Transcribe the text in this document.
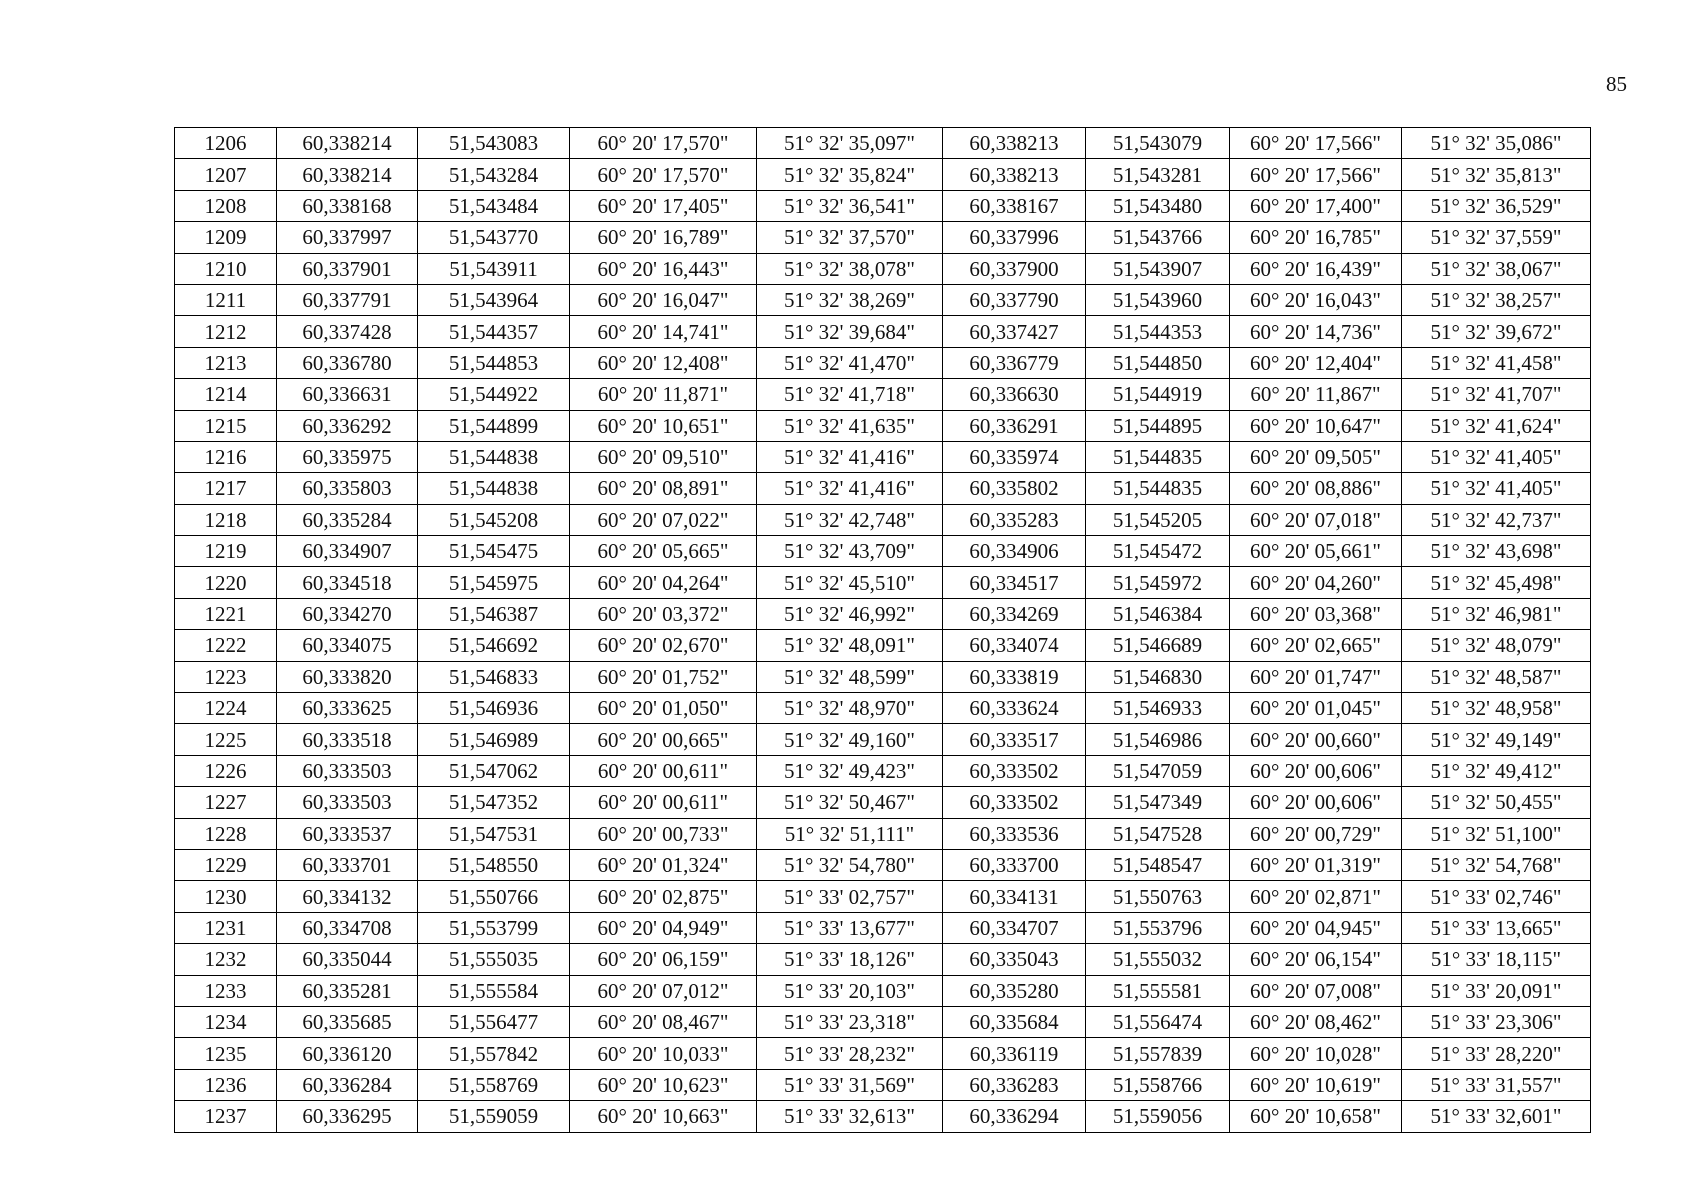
85
1206	60,338214	51,543083	60° 20' 17,570"	51° 32' 35,097"	60,338213	51,543079	60° 20' 17,566"	51° 32' 35,086"
1207	60,338214	51,543284	60° 20' 17,570"	51° 32' 35,824"	60,338213	51,543281	60° 20' 17,566"	51° 32' 35,813"
1208	60,338168	51,543484	60° 20' 17,405"	51° 32' 36,541"	60,338167	51,543480	60° 20' 17,400"	51° 32' 36,529"
1209	60,337997	51,543770	60° 20' 16,789"	51° 32' 37,570"	60,337996	51,543766	60° 20' 16,785"	51° 32' 37,559"
1210	60,337901	51,543911	60° 20' 16,443"	51° 32' 38,078"	60,337900	51,543907	60° 20' 16,439"	51° 32' 38,067"
1211	60,337791	51,543964	60° 20' 16,047"	51° 32' 38,269"	60,337790	51,543960	60° 20' 16,043"	51° 32' 38,257"
1212	60,337428	51,544357	60° 20' 14,741"	51° 32' 39,684"	60,337427	51,544353	60° 20' 14,736"	51° 32' 39,672"
1213	60,336780	51,544853	60° 20' 12,408"	51° 32' 41,470"	60,336779	51,544850	60° 20' 12,404"	51° 32' 41,458"
1214	60,336631	51,544922	60° 20' 11,871"	51° 32' 41,718"	60,336630	51,544919	60° 20' 11,867"	51° 32' 41,707"
1215	60,336292	51,544899	60° 20' 10,651"	51° 32' 41,635"	60,336291	51,544895	60° 20' 10,647"	51° 32' 41,624"
1216	60,335975	51,544838	60° 20' 09,510"	51° 32' 41,416"	60,335974	51,544835	60° 20' 09,505"	51° 32' 41,405"
1217	60,335803	51,544838	60° 20' 08,891"	51° 32' 41,416"	60,335802	51,544835	60° 20' 08,886"	51° 32' 41,405"
1218	60,335284	51,545208	60° 20' 07,022"	51° 32' 42,748"	60,335283	51,545205	60° 20' 07,018"	51° 32' 42,737"
1219	60,334907	51,545475	60° 20' 05,665"	51° 32' 43,709"	60,334906	51,545472	60° 20' 05,661"	51° 32' 43,698"
1220	60,334518	51,545975	60° 20' 04,264"	51° 32' 45,510"	60,334517	51,545972	60° 20' 04,260"	51° 32' 45,498"
1221	60,334270	51,546387	60° 20' 03,372"	51° 32' 46,992"	60,334269	51,546384	60° 20' 03,368"	51° 32' 46,981"
1222	60,334075	51,546692	60° 20' 02,670"	51° 32' 48,091"	60,334074	51,546689	60° 20' 02,665"	51° 32' 48,079"
1223	60,333820	51,546833	60° 20' 01,752"	51° 32' 48,599"	60,333819	51,546830	60° 20' 01,747"	51° 32' 48,587"
1224	60,333625	51,546936	60° 20' 01,050"	51° 32' 48,970"	60,333624	51,546933	60° 20' 01,045"	51° 32' 48,958"
1225	60,333518	51,546989	60° 20' 00,665"	51° 32' 49,160"	60,333517	51,546986	60° 20' 00,660"	51° 32' 49,149"
1226	60,333503	51,547062	60° 20' 00,611"	51° 32' 49,423"	60,333502	51,547059	60° 20' 00,606"	51° 32' 49,412"
1227	60,333503	51,547352	60° 20' 00,611"	51° 32' 50,467"	60,333502	51,547349	60° 20' 00,606"	51° 32' 50,455"
1228	60,333537	51,547531	60° 20' 00,733"	51° 32' 51,111"	60,333536	51,547528	60° 20' 00,729"	51° 32' 51,100"
1229	60,333701	51,548550	60° 20' 01,324"	51° 32' 54,780"	60,333700	51,548547	60° 20' 01,319"	51° 32' 54,768"
1230	60,334132	51,550766	60° 20' 02,875"	51° 33' 02,757"	60,334131	51,550763	60° 20' 02,871"	51° 33' 02,746"
1231	60,334708	51,553799	60° 20' 04,949"	51° 33' 13,677"	60,334707	51,553796	60° 20' 04,945"	51° 33' 13,665"
1232	60,335044	51,555035	60° 20' 06,159"	51° 33' 18,126"	60,335043	51,555032	60° 20' 06,154"	51° 33' 18,115"
1233	60,335281	51,555584	60° 20' 07,012"	51° 33' 20,103"	60,335280	51,555581	60° 20' 07,008"	51° 33' 20,091"
1234	60,335685	51,556477	60° 20' 08,467"	51° 33' 23,318"	60,335684	51,556474	60° 20' 08,462"	51° 33' 23,306"
1235	60,336120	51,557842	60° 20' 10,033"	51° 33' 28,232"	60,336119	51,557839	60° 20' 10,028"	51° 33' 28,220"
1236	60,336284	51,558769	60° 20' 10,623"	51° 33' 31,569"	60,336283	51,558766	60° 20' 10,619"	51° 33' 31,557"
1237	60,336295	51,559059	60° 20' 10,663"	51° 33' 32,613"	60,336294	51,559056	60° 20' 10,658"	51° 33' 32,601"
